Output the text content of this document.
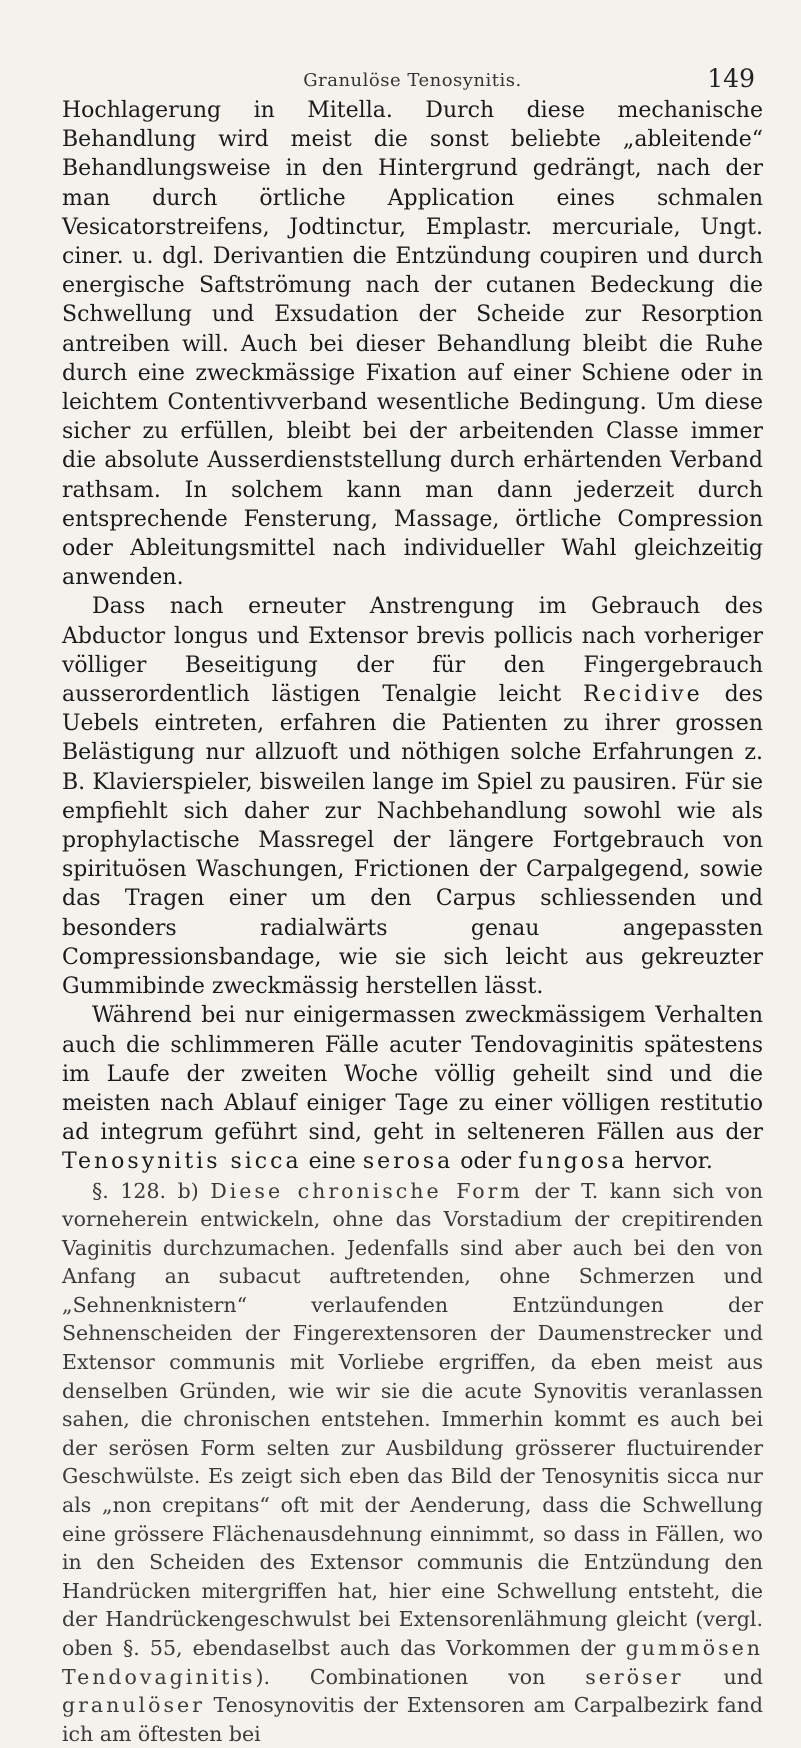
Granulöse Tenosynitis.	149

Hochlagerung in Mitella. Durch diese mechanische Behandlung wird meist die sonst beliebte „ableitende“ Behandlungsweise in den Hintergrund gedrängt, nach der man durch örtliche Application eines schmalen Vesicatorstreifens, Jodtinctur, Emplastr. mercuriale, Ungt. ciner. u. dgl. Derivantien die Entzündung coupiren und durch energische Saftströmung nach der cutanen Bedeckung die Schwellung und Exsudation der Scheide zur Resorption antreiben will. Auch bei dieser Behandlung bleibt die Ruhe durch eine zweckmässige Fixation auf einer Schiene oder in leichtem Contentivverband wesentliche Bedingung. Um diese sicher zu erfüllen, bleibt bei der arbeitenden Classe immer die absolute Ausserdienststellung durch erhärtenden Verband rathsam. In solchem kann man dann jederzeit durch entsprechende Fensterung, Massage, örtliche Compression oder Ableitungsmittel nach individueller Wahl gleichzeitig anwenden.

Dass nach erneuter Anstrengung im Gebrauch des Abductor longus und Extensor brevis pollicis nach vorheriger völliger Beseitigung der für den Fingergebrauch ausserordentlich lästigen Tenalgie leicht Recidive des Uebels eintreten, erfahren die Patienten zu ihrer grossen Belästigung nur allzuoft und nöthigen solche Erfahrungen z. B. Klavierspieler, bisweilen lange im Spiel zu pausiren. Für sie empfiehlt sich daher zur Nachbehandlung sowohl wie als prophylactische Massregel der längere Fortgebrauch von spirituösen Waschungen, Frictionen der Carpalgegend, sowie das Tragen einer um den Carpus schliessenden und besonders radialwärts genau angepassten Compressionsbandage, wie sie sich leicht aus gekreuzter Gummibinde zweckmässig herstellen lässt.

Während bei nur einigermassen zweckmässigem Verhalten auch die schlimmeren Fälle acuter Tendovaginitis spätestens im Laufe der zweiten Woche völlig geheilt sind und die meisten nach Ablauf einiger Tage zu einer völligen restitutio ad integrum geführt sind, geht in selteneren Fällen aus der Tenosynitis sicca eine serosa oder fungosa hervor.

§. 128. b) Diese chronische Form der T. kann sich von vorneherein entwickeln, ohne das Vorstadium der crepitirenden Vaginitis durchzumachen. Jedenfalls sind aber auch bei den von Anfang an subacut auftretenden, ohne Schmerzen und „Sehnenknistern“ verlaufenden Entzündungen der Sehnenscheiden der Fingerextensoren der Daumenstrecker und Extensor communis mit Vorliebe ergriffen, da eben meist aus denselben Gründen, wie wir sie die acute Synovitis veranlassen sahen, die chronischen entstehen. Immerhin kommt es auch bei der serösen Form selten zur Ausbildung grösserer fluctuirender Geschwülste. Es zeigt sich eben das Bild der Tenosynitis sicca nur als „non crepitans“ oft mit der Aenderung, dass die Schwellung eine grössere Flächenausdehnung einnimmt, so dass in Fällen, wo in den Scheiden des Extensor communis die Entzündung den Handrücken mitergriffen hat, hier eine Schwellung entsteht, die der Handrückengeschwulst bei Extensorenlähmung gleicht (vergl. oben §. 55, ebendaselbst auch das Vorkommen der gummösen Tendovaginitis). Combinationen von seröser und granulöser Tenosynovitis der Extensoren am Carpalbezirk fand ich am öftesten bei
